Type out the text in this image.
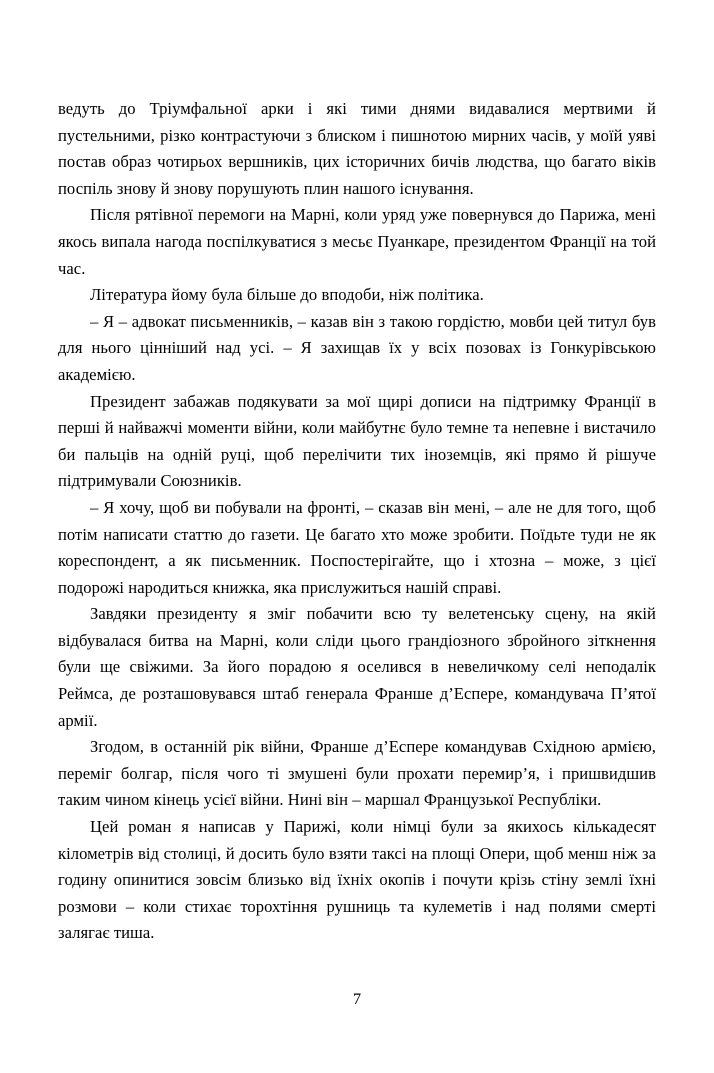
ведуть до Тріумфальної арки і які тими днями видавалися мертвими й пустельними, різко контрастуючи з блиском і пишнотою мирних часів, у моїй уяві постав образ чотирьох вершників, цих історичних бичів людства, що багато віків поспіль знову й знову порушують плин нашого існування.

Після рятівної перемоги на Марні, коли уряд уже повернувся до Парижа, мені якось випала нагода поспілкуватися з месьє Пуанкаре, президентом Франції на той час.

Література йому була більше до вподоби, ніж політика.

– Я – адвокат письменників, – казав він з такою гордістю, мовби цей титул був для нього цінніший над усі. – Я захищав їх у всіх позовах із Гонкурівською академією.

Президент забажав подякувати за мої щирі дописи на підтримку Франції в перші й найважчі моменти війни, коли майбутнє було темне та непевне і вистачило би пальців на одній руці, щоб перелічити тих іноземців, які прямо й рішуче підтримували Союзників.

– Я хочу, щоб ви побували на фронті, – сказав він мені, – але не для того, щоб потім написати статтю до газети. Це багато хто може зробити. Поїдьте туди не як кореспондент, а як письменник. Поспостерігайте, що і хтозна – може, з цієї подорожі народиться книжка, яка прислужиться нашій справі.

Завдяки президенту я зміг побачити всю ту велетенську сцену, на якій відбувалася битва на Марні, коли сліди цього грандіозного збройного зіткнення були ще свіжими. За його порадою я оселився в невеличкому селі неподалік Реймса, де розташовувався штаб генерала Франше д’Еспере, командувача П’ятої армії.

Згодом, в останній рік війни, Франше д’Еспере командував Східною армією, переміг болгар, після чого ті змушені були прохати перемир’я, і пришвидшив таким чином кінець усієї війни. Нині він – маршал Французької Республіки.

Цей роман я написав у Парижі, коли німці були за якихось кількадесят кілометрів від столиці, й досить було взяти таксі на площі Опери, щоб менш ніж за годину опинитися зовсім близько від їхніх окопів і почути крізь стіну землі їхні розмови – коли стихає торохтіння рушниць та кулеметів і над полями смерті залягає тиша.

7
